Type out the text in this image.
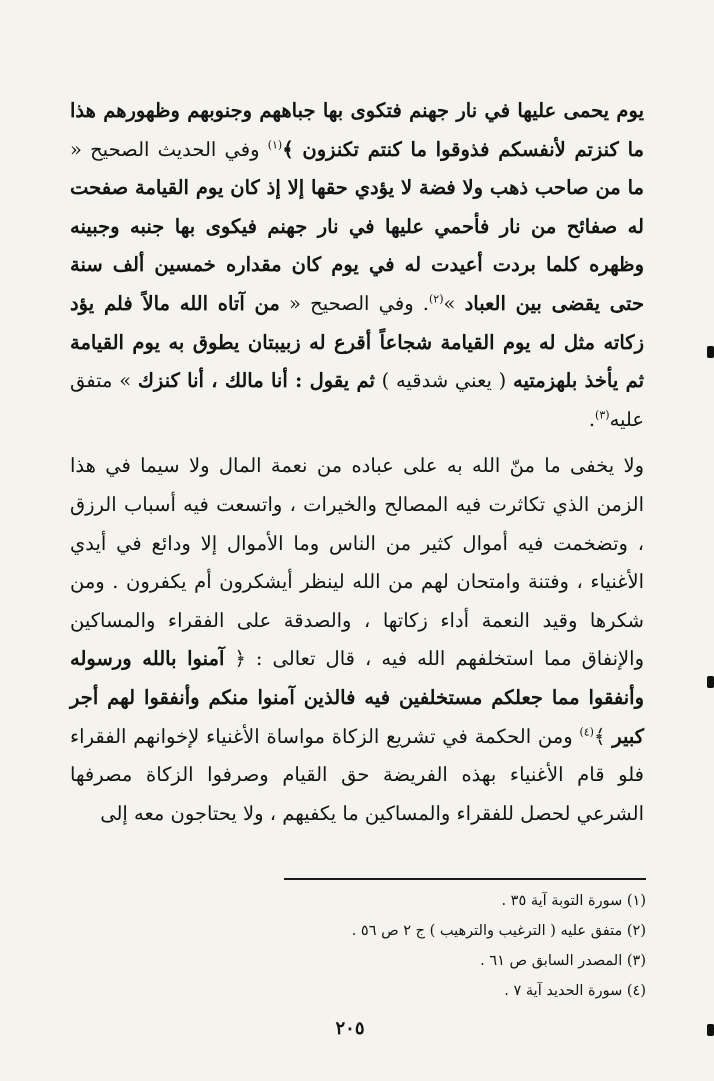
يوم يحمى عليها في نار جهنم فتكوى بها جباههم وجنوبهم وظهورهم هذا ما كنزتم لأنفسكم فذوقوا ما كنتم تكنزون ﴾$^{(١)}$ وفي الحديث الصحيح « ما من صاحب ذهب ولا فضة لا يؤدي حقها إلا إذ كان يوم القيامة صفحت له صفائح من نار فأحمي عليها في نار جهنم فيكوى بها جنبه وجبينه وظهره كلما بردت أعيدت له في يوم كان مقداره خمسين ألف سنة حتى يقضى بين العباد »$^{(٢)}$. وفي الصحيح « من آتاه الله مالاً فلم يؤد زكاته مثل له يوم القيامة شجاعاً أقرع له زبيبتان يطوق به يوم القيامة ثم يأخذ بلهزمتيه ( يعني شدقيه ) ثم يقول : أنا مالك ، أنا كنزك » متفق عليه$^{(٣)}$.

ولا يخفى ما منّ الله به على عباده من نعمة المال ولا سيما في هذا الزمن الذي تكاثرت فيه المصالح والخيرات ، واتسعت فيه أسباب الرزق ، وتضخمت فيه أموال كثير من الناس وما الأموال إلا ودائع في أيدي الأغنياء ، وفتنة وامتحان لهم من الله لينظر أيشكرون أم يكفرون . ومن شكرها وقيد النعمة أداء زكاتها ، والصدقة على الفقراء والمساكين والإنفاق مما استخلفهم الله فيه ، قال تعالى : ﴿ آمنوا بالله ورسوله وأنفقوا مما جعلكم مستخلفين فيه فالذين آمنوا منكم وأنفقوا لهم أجر كبير ﴾$^{(٤)}$ ومن الحكمة في تشريع الزكاة مواساة الأغنياء لإخوانهم الفقراء فلو قام الأغنياء بهذه الفريضة حق القيام وصرفوا الزكاة مصرفها الشرعي لحصل للفقراء والمساكين ما يكفيهم ، ولا يحتاجون معه إلى

(١) سورة التوبة آية ٣٥ .
(٢) متفق عليه ( الترغيب والترهيب ) ج ٢ ص ٥٦ .
(٣) المصدر السابق ص ٦١ .
(٤) سورة الحديد آية ٧ .
٢٠٥
